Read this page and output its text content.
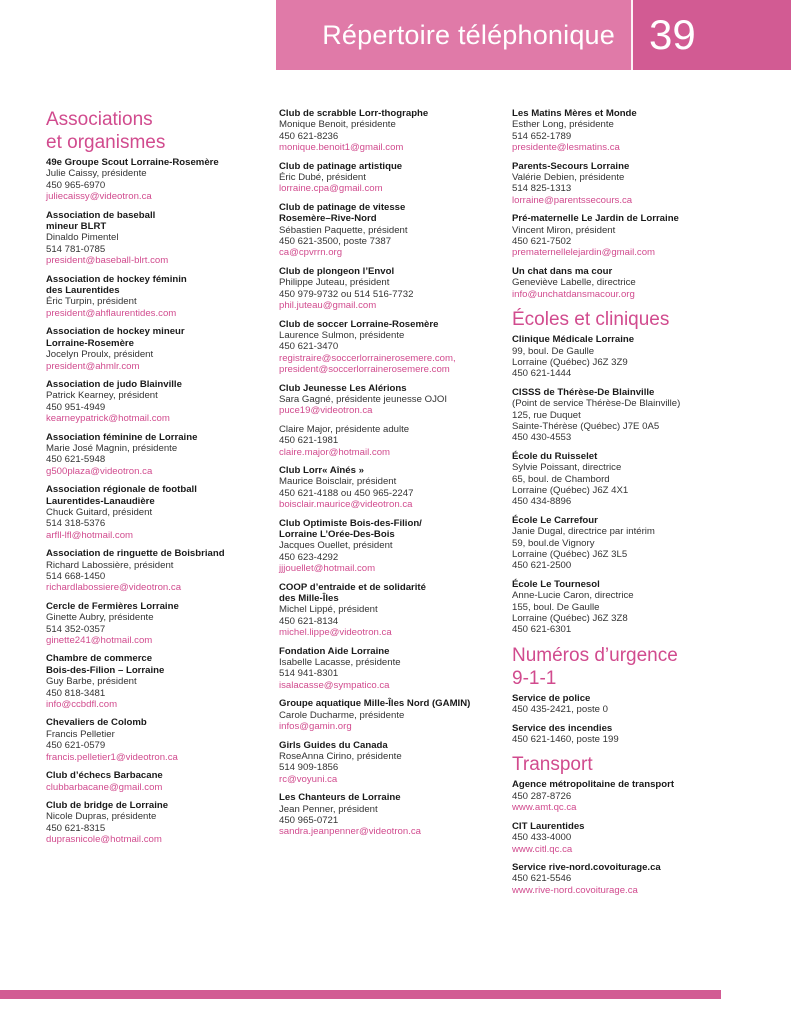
Répertoire téléphonique 39
Associations
et organismes
49e Groupe Scout Lorraine-Rosemère
Julie Caissy, présidente
450 965-6970
juliecaissy@videotron.ca
Association de baseball
mineur BLRT
Dinaldo Pimentel
514 781-0785
president@baseball-blrt.com
Association de hockey féminin
des Laurentides
Éric Turpin, président
president@ahflaurentides.com
Association de hockey mineur
Lorraine-Rosemère
Jocelyn Proulx, président
president@ahmlr.com
Association de judo Blainville
Patrick Kearney, président
450 951-4949
kearneypatrick@hotmail.com
Association féminine de Lorraine
Marie José Magnin, présidente
450 621-5948
g500plaza@videotron.ca
Association régionale de football
Laurentides-Lanaudière
Chuck Guitard, président
514 318-5376
arfll-lfl@hotmail.com
Association de ringuette de Boisbriand
Richard Labossière, président
514 668-1450
richardlabossiere@videotron.ca
Cercle de Fermières Lorraine
Ginette Aubry, présidente
514 352-0357
ginette241@hotmail.com
Chambre de commerce
Bois-des-Filion – Lorraine
Guy Barbe, président
450 818-3481
info@ccbdfl.com
Chevaliers de Colomb
Francis Pelletier
450 621-0579
francis.pelletier1@videotron.ca
Club d’échecs Barbacane
clubbarbacane@gmail.com
Club de bridge de Lorraine
Nicole Dupras, présidente
450 621-8315
duprasnicole@hotmail.com
Club de scrabble Lorr-thographe
Monique Benoit, présidente
450 621-8236
monique.benoit1@gmail.com
Club de patinage artistique
Éric Dubé, président
lorraine.cpa@gmail.com
Club de patinage de vitesse
Rosemère–Rive-Nord
Sébastien Paquette, président
450 621-3500, poste 7387
ca@cpvrrn.org
Club de plongeon l’Envol
Philippe Juteau, président
450 979-9732 ou 514 516-7732
phil.juteau@gmail.com
Club de soccer Lorraine-Rosemère
Laurence Sulmon, présidente
450 621-3470
registraire@soccerlorrainerosemere.com,
president@soccerlorrainerosemere.com
Club Jeunesse Les Alérions
Sara Gagné, présidente jeunesse OJOI
puce19@videotron.ca
Claire Major, présidente adulte
450 621-1981
claire.major@hotmail.com
Club Lorr« Aînés »
Maurice Boisclair, président
450 621-4188 ou 450 965-2247
boisclair.maurice@videotron.ca
Club Optimiste Bois-des-Filion/
Lorraine L’Orée-Des-Bois
Jacques Ouellet, président
450 623-4292
jjjouellet@hotmail.com
COOP d’entraide et de solidarité
des Mille-Îles
Michel Lippé, président
450 621-8134
michel.lippe@videotron.ca
Fondation Aide Lorraine
Isabelle Lacasse, présidente
514 941-8301
isalacasse@sympatico.ca
Groupe aquatique Mille-Îles Nord (GAMIN)
Carole Ducharme, présidente
infos@gamin.org
Girls Guides du Canada
RoseAnna Cirino, présidente
514 909-1856
rc@voyuni.ca
Les Chanteurs de Lorraine
Jean Penner, président
450 965-0721
sandra.jeanpenner@videotron.ca
Les Matins Mères et Monde
Esther Long, présidente
514 652-1789
presidente@lesmatins.ca
Parents-Secours Lorraine
Valérie Debien, présidente
514 825-1313
lorraine@parentssecours.ca
Pré-maternelle Le Jardin de Lorraine
Vincent Miron, président
450 621-7502
prematernellelejardin@gmail.com
Un chat dans ma cour
Geneviève Labelle, directrice
info@unchatdansmacour.org
Écoles et cliniques
Clinique Médicale Lorraine
99, boul. De Gaulle
Lorraine (Québec) J6Z 3Z9
450 621-1444
CISSS de Thérèse-De Blainville
(Point de service Thérèse-De Blainville)
125, rue Duquet
Sainte-Thérèse (Québec) J7E 0A5
450 430-4553
École du Ruisselet
Sylvie Poissant, directrice
65, boul. de Chambord
Lorraine (Québec) J6Z 4X1
450 434-8896
École Le Carrefour
Janie Dugal, directrice par intérim
59, boul.de Vignory
Lorraine (Québec) J6Z 3L5
450 621-2500
École Le Tournesol
Anne-Lucie Caron, directrice
155, boul. De Gaulle
Lorraine (Québec) J6Z 3Z8
450 621-6301
Numéros d’urgence
9-1-1
Service de police
450 435-2421, poste 0
Service des incendies
450 621-1460, poste 199
Transport
Agence métropolitaine de transport
450 287-8726
www.amt.qc.ca
CIT Laurentides
450 433-4000
www.citl.qc.ca
Service rive-nord.covoiturage.ca
450 621-5546
www.rive-nord.covoiturage.ca
